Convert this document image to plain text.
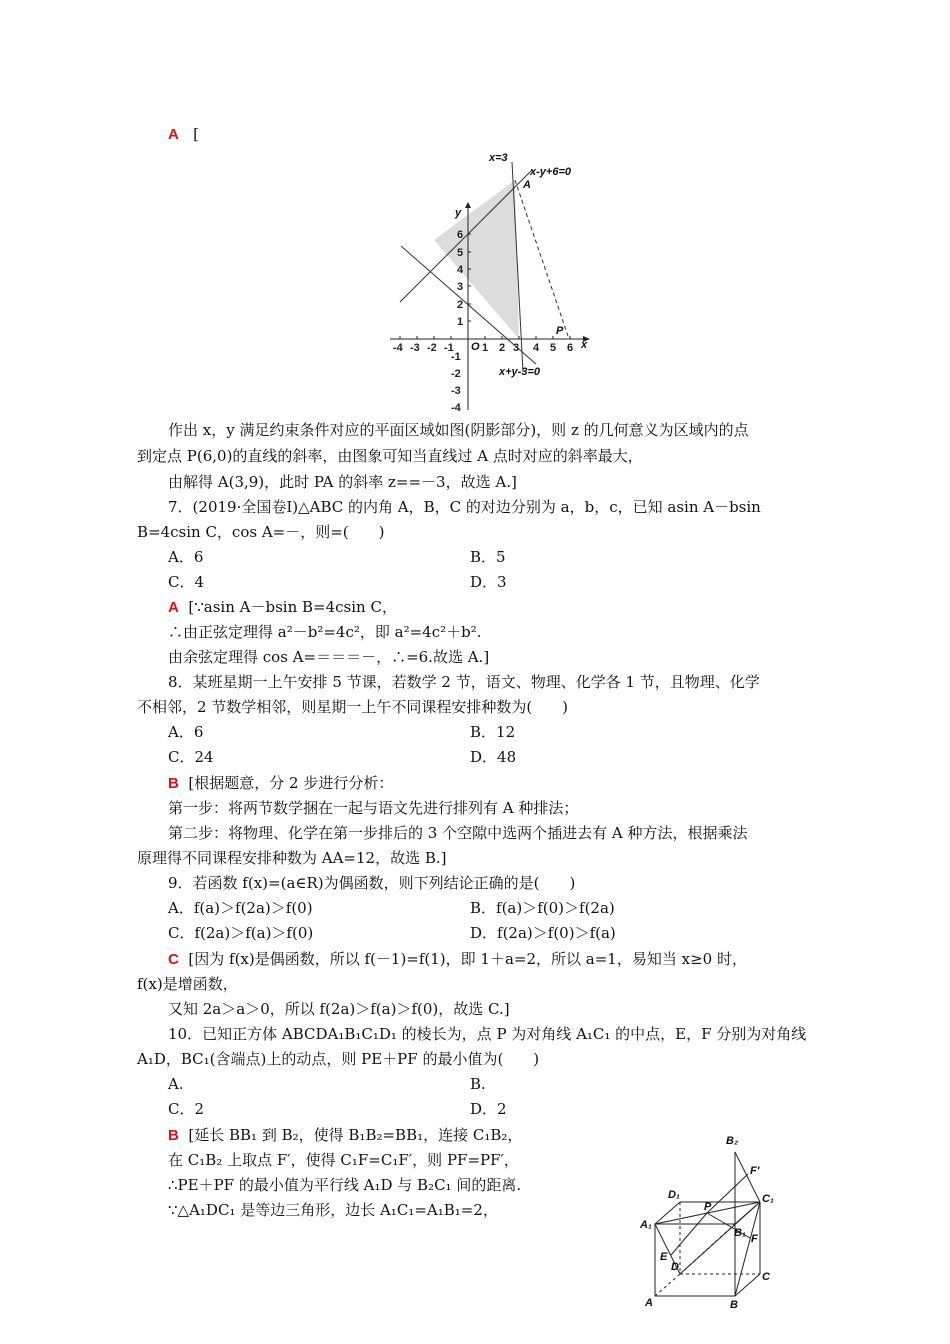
A [
-4 -3 -2 -1	1 2 3 4 5 6
6
5
4
3
2
1
-1
-2
-3
-4
x=3
x-y+6=0
A
P
x
y
O
x+y-3=0
作出 x，y 满足约束条件对应的平面区域如图(阴影部分)，则 z 的几何意义为区域内的点
到定点 P(6,0)的直线的斜率，由图象可知当直线过 A 点时对应的斜率最大，
由解得 A(3,9)，此时 PA 的斜率 z==－3，故选 A.]
7．(2019·全国卷Ⅰ)△ABC 的内角 A，B，C 的对边分别为 a，b，c，已知 asin A－bsin
B=4csin C，cos A=－，则=(　　)
A．6	B．5
C．4	D．3
A [∵asin A－bsin B=4csin C，
∴由正弦定理得 a²－b²=4c²，即 a²=4c²＋b².
由余弦定理得 cos A=＝＝＝－，∴=6.故选 A.]
8．某班星期一上午安排 5 节课，若数学 2 节，语文、物理、化学各 1 节，且物理、化学
不相邻，2 节数学相邻，则星期一上午不同课程安排种数为(　　)
A．6	B．12
C．24	D．48
B [根据题意，分 2 步进行分析：
第一步：将两节数学捆在一起与语文先进行排列有 A 种排法；
第二步：将物理、化学在第一步排后的 3 个空隙中选两个插进去有 A 种方法，根据乘法
原理得不同课程安排种数为 AA=12，故选 B.]
9．若函数 f(x)=(a∈R)为偶函数，则下列结论正确的是(　　)
A．f(a)＞f(2a)＞f(0)	B．f(a)＞f(0)＞f(2a)
C．f(2a)＞f(a)＞f(0)	D．f(2a)＞f(0)＞f(a)
C [因为 f(x)是偶函数，所以 f(－1)=f(1)，即 1＋a=2，所以 a=1，易知当 x≥0 时，
f(x)是增函数，
又知 2a＞a＞0，所以 f(2a)＞f(a)＞f(0)，故选 C.]
10．已知正方体 ABCDA₁B₁C₁D₁ 的棱长为，点 P 为对角线 A₁C₁ 的中点，E，F 分别为对角线
A₁D，BC₁(含端点)上的动点，则 PE＋PF 的最小值为(　　)
A.	B.
C．2	D．2
B [延长 BB₁ 到 B₂，使得 B₁B₂=BB₁，连接 C₁B₂，
在 C₁B₂ 上取点 F′，使得 C₁F=C₁F′，则 PF=PF′，
∴PE＋PF 的最小值为平行线 A₁D 与 B₂C₁ 间的距离.
∵△A₁DC₁ 是等边三角形，边长 A₁C₁=A₁B₁=2，
B₂
F′
D₁	C₁
A₁
P
B₁ F
E
D
C
A	B
